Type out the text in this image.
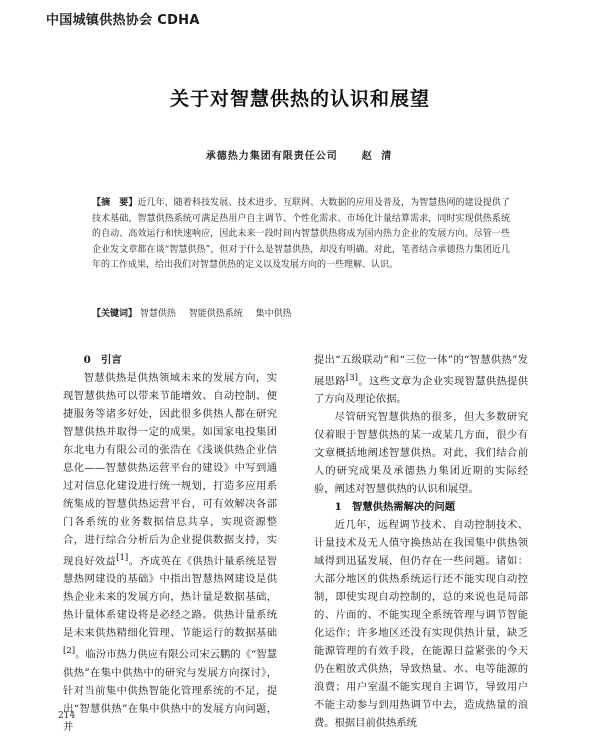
中国城镇供热协会 CDHA
关于对智慧供热的认识和展望
承德热力集团有限责任公司 赵 清
【摘　要】近几年，随着科技发展、技术进步，互联网、大数据的应用及普及，为智慧热网的建设提供了技术基础，智慧供热系统可满足热用户自主调节、个性化需求、市场化计量结算需求，同时实现供热系统的自动、高效运行和快速响应，因此未来一段时间内智慧供热将成为国内热力企业的发展方向。尽管一些企业发文章都在谈“智慧供热”，但对于什么是智慧供热，却没有明确。对此，笔者结合承德热力集团近几年的工作成果，给出我们对智慧供热的定义以及发展方向的一些理解、认识。
【关键词】 智慧供热 智能供热系统 集中供热
0　引言

智慧供热是供热领域未来的发展方向，实现智慧供热可以带来节能增效、自动控制、便捷服务等诸多好处，因此很多供热人都在研究智慧供热并取得一定的成果。如国家电投集团东北电力有限公司的张浩在《浅谈供热企业信息化——智慧供热运营平台的建设》中写到通过对信息化建设进行统一规划，打造多应用系统集成的智慧供热运营平台，可有效解决各部门各系统的业务数据信息共享，实现资源整合，进行综合分析后为企业提供数据支持，实现良好效益[1]。齐成英在《供热计量系统是智慧热网建设的基础》中指出智慧热网建设是供热企业未来的发展方向，热计量是数据基础，热计量体系建设将是必经之路。供热计量系统是未来供热精细化管理、节能运行的数据基础[2]。临汾市热力供应有限公司宋云鹏的《“智慧供热”在集中供热中的研究与发展方向探讨》，针对当前集中供热智能化管理系统的不足，提出“智慧供热”在集中供热中的发展方向问题，并

提出“五级联动”和“三位一体”的“智慧供热”发展思路[3]。这些文章为企业实现智慧供热提供了方向及理论依据。

尽管研究智慧供热的很多，但大多数研究仅着眼于智慧供热的某一或某几方面，很少有文章概括地阐述智慧供热。对此，我们结合前人的研究成果及承德热力集团近期的实际经验，阐述对智慧供热的认识和展望。

1　智慧供热需解决的问题

近几年，远程调节技术、自动控制技术、计量技术及无人值守换热站在我国集中供热领域得到迅猛发展，但仍存在一些问题。诸如：大部分地区的供热系统运行还不能实现自动控制，即使实现自动控制的，总的来说也是局部的、片面的、不能实现全系统管理与调节智能化运作；许多地区还没有实现供热计量，缺乏能源管理的有效手段，在能源日益紧张的今天仍在粗放式供热，导致热量、水、电等能源的浪费；用户室温不能实现自主调节，导致用户不能主动参与到用热调节中去，造成热量的浪费。根据目前供热系统

214
